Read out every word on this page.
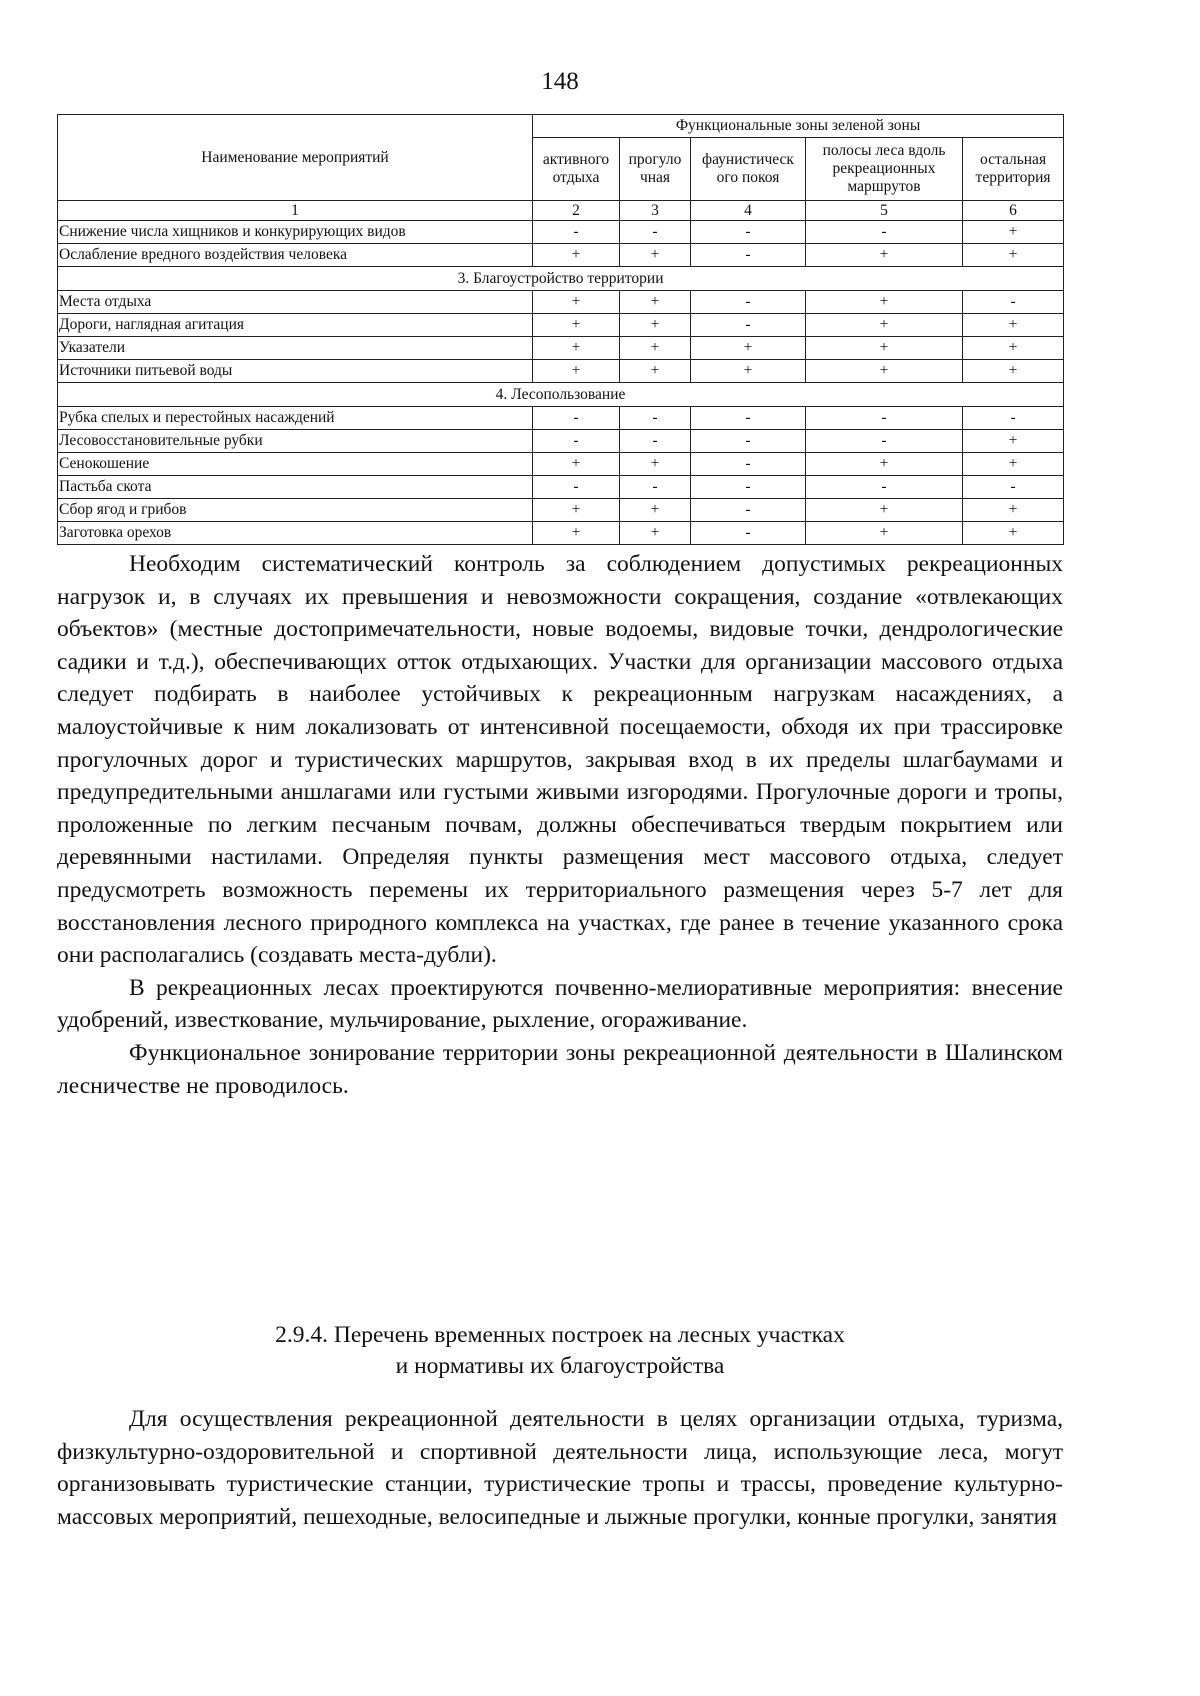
148
Наименование мероприятий	Функциональные зоны зеленой зоны				
	активного отдыха	прогуло чная	фаунистическ ого покоя	полосы леса вдоль рекреационных маршрутов	остальная территория
1	2	3	4	5	6
Снижение числа хищников и конкурирующих видов	-	-	-	-	+
Ослабление вредного воздействия человека	+	+	-	+	+
3. Благоустройство территории					
Места отдыха	+	+	-	+	-
Дороги, наглядная агитация	+	+	-	+	+
Указатели	+	+	+	+	+
Источники питьевой воды	+	+	+	+	+
4. Лесопользование					
Рубка спелых и перестойных насаждений	-	-	-	-	-
Лесовосстановительные рубки	-	-	-	-	+
Сенокошение	+	+	-	+	+
Пастьба скота	-	-	-	-	-
Сбор ягод и грибов	+	+	-	+	+
Заготовка орехов	+	+	-	+	+

Необходим систематический контроль за соблюдением допустимых рекреационных нагрузок и, в случаях их превышения и невозможности сокращения, создание «отвлекающих объектов» (местные достопримечательности, новые водоемы, видовые точки, дендрологические садики и т.д.), обеспечивающих отток отдыхающих. Участки для организации массового отдыха следует подбирать в наиболее устойчивых к рекреационным нагрузкам насаждениях, а малоустойчивые к ним локализовать от интенсивной посещаемости, обходя их при трассировке прогулочных дорог и туристических маршрутов, закрывая вход в их пределы шлагбаумами и предупредительными аншлагами или густыми живыми изгородями. Прогулочные дороги и тропы, проложенные по легким песчаным почвам, должны обеспечиваться твердым покрытием или деревянными настилами. Определяя пункты размещения мест массового отдыха, следует предусмотреть возможность перемены их территориального размещения через 5-7 лет для восстановления лесного природного комплекса на участках, где ранее в течение указанного срока они располагались (создавать места-дубли).

В рекреационных лесах проектируются почвенно-мелиоративные мероприятия: внесение удобрений, известкование, мульчирование, рыхление, огораживание.

Функциональное зонирование территории зоны рекреационной деятельности в Шалинском лесничестве не проводилось.

2.9.4. Перечень временных построек на лесных участках
и нормативы их благоустройства

Для осуществления рекреационной деятельности в целях организации отдыха, туризма, физкультурно-оздоровительной и спортивной деятельности лица, использующие леса, могут организовывать туристические станции, туристические тропы и трассы, проведение культурно-массовых мероприятий, пешеходные, велосипедные и лыжные прогулки, конные прогулки, занятия
